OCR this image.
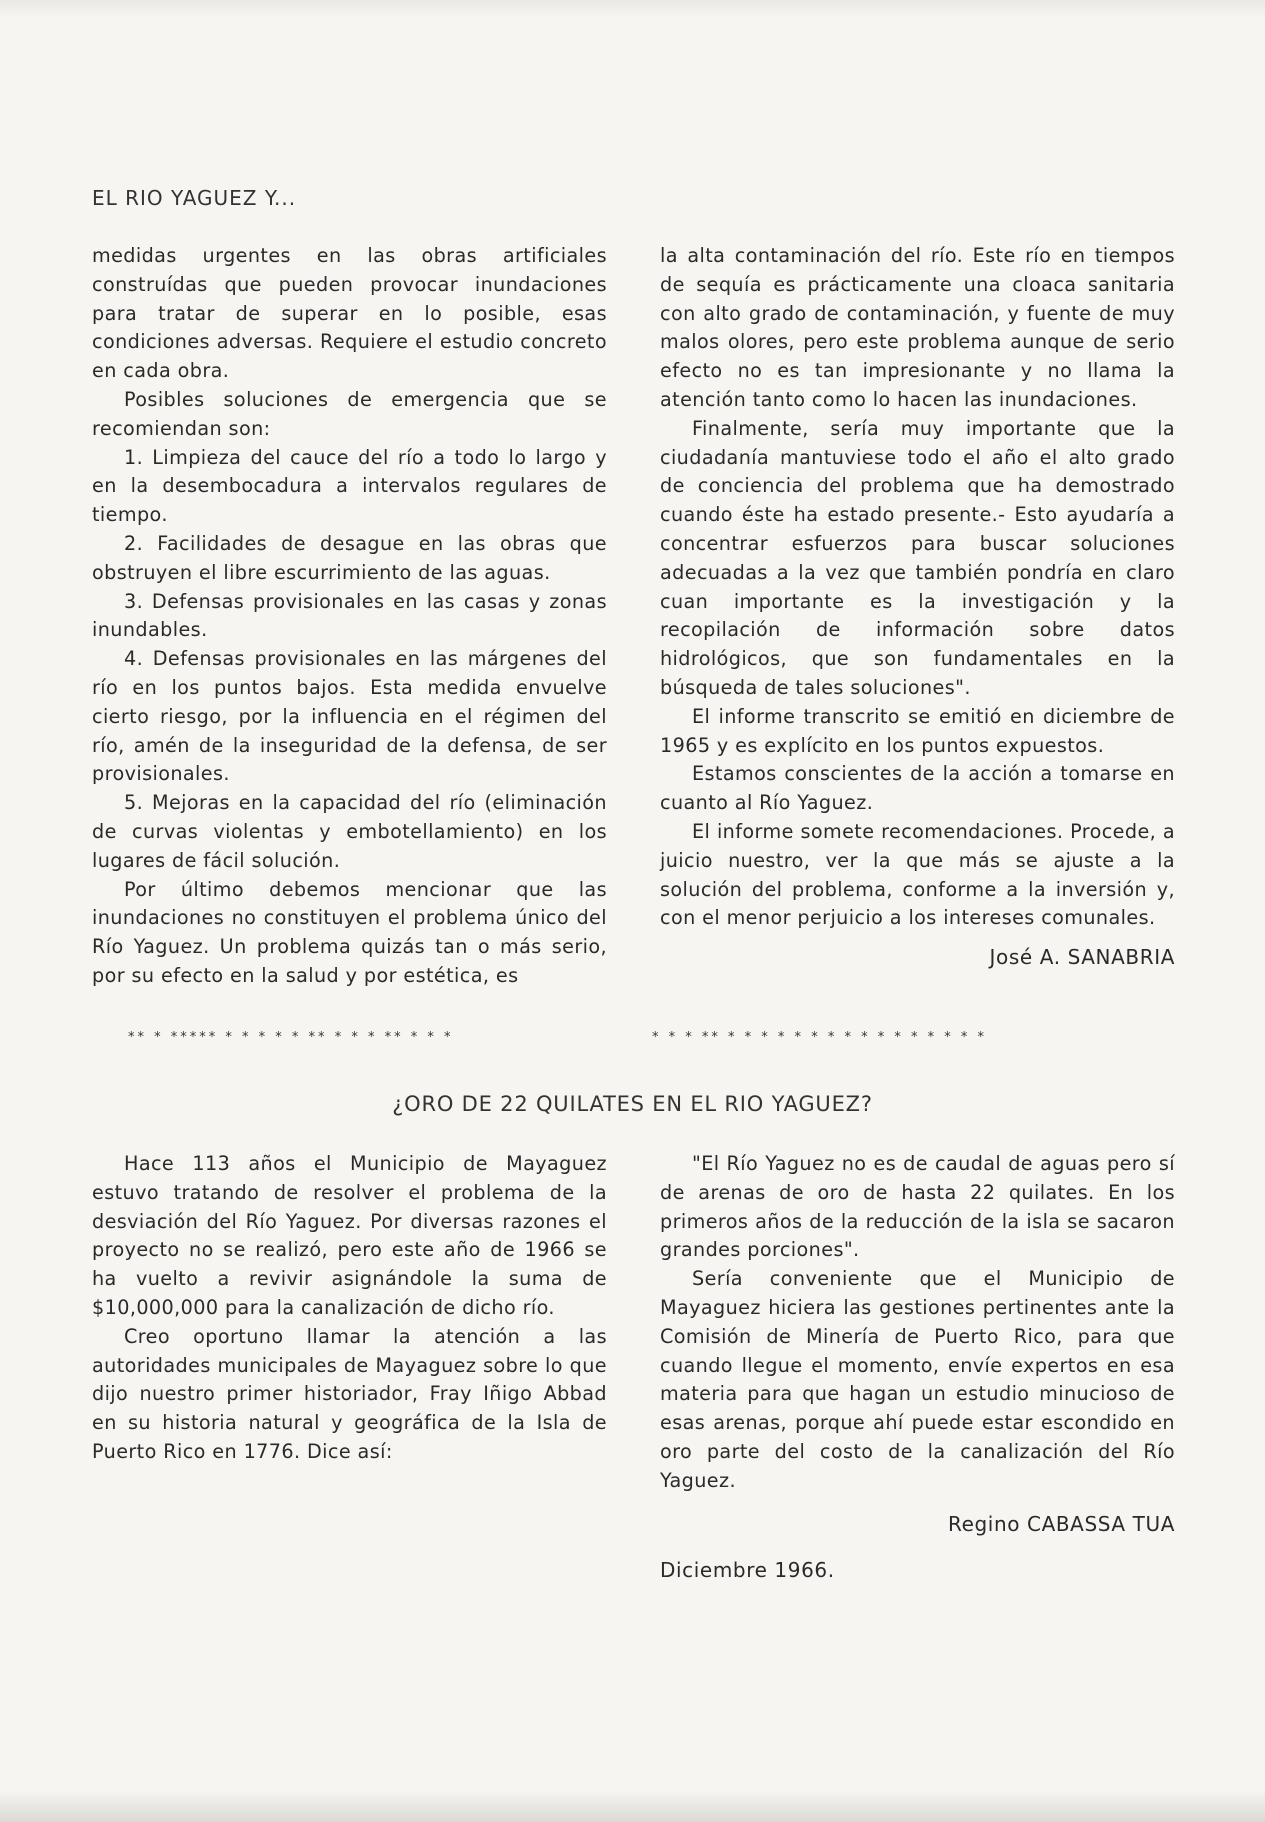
EL RIO YAGUEZ Y...

medidas urgentes en las obras artificiales construídas que pueden provocar inundaciones para tratar de superar en lo posible, esas condiciones adversas. Requiere el estudio concreto en cada obra.

Posibles soluciones de emergencia que se recomiendan son:

1. Limpieza del cauce del río a todo lo largo y en la desembocadura a intervalos regulares de tiempo.

2. Facilidades de desague en las obras que obstruyen el libre escurrimiento de las aguas.

3. Defensas provisionales en las casas y zonas inundables.

4. Defensas provisionales en las márgenes del río en los puntos bajos. Esta medida envuelve cierto riesgo, por la influencia en el régimen del río, amén de la inseguridad de la defensa, de ser provisionales.

5. Mejoras en la capacidad del río (eliminación de curvas violentas y embotellamiento) en los lugares de fácil solución.

Por último debemos mencionar que las inundaciones no constituyen el problema único del Río Yaguez. Un problema quizás tan o más serio, por su efecto en la salud y por estética, es

la alta contaminación del río. Este río en tiempos de sequía es prácticamente una cloaca sanitaria con alto grado de contaminación, y fuente de muy malos olores, pero este problema aunque de serio efecto no es tan impresionante y no llama la atención tanto como lo hacen las inundaciones.

Finalmente, sería muy importante que la ciudadanía mantuviese todo el año el alto grado de conciencia del problema que ha demostrado cuando éste ha estado presente.- Esto ayudaría a concentrar esfuerzos para buscar soluciones adecuadas a la vez que también pondría en claro cuan importante es la investigación y la recopilación de información sobre datos hidrológicos, que son fundamentales en la búsqueda de tales soluciones".

El informe transcrito se emitió en diciembre de 1965 y es explícito en los puntos expuestos.

Estamos conscientes de la acción a tomarse en cuanto al Río Yaguez.

El informe somete recomendaciones. Procede, a juicio nuestro, ver la que más se ajuste a la solución del problema, conforme a la inversión y, con el menor perjuicio a los intereses comunales.

José A. SANABRIA
** * ***** * * * * * ** * * * ** * * *	* * * ** * * * * * * * * * * * * * * * *
¿ORO DE 22 QUILATES EN EL RIO YAGUEZ?

Hace 113 años el Municipio de Mayaguez estuvo tratando de resolver el problema de la desviación del Río Yaguez. Por diversas razones el proyecto no se realizó, pero este año de 1966 se ha vuelto a revivir asignándole la suma de $10,000,000 para la canalización de dicho río.

Creo oportuno llamar la atención a las autoridades municipales de Mayaguez sobre lo que dijo nuestro primer historiador, Fray Iñigo Abbad en su historia natural y geográfica de la Isla de Puerto Rico en 1776. Dice así:

"El Río Yaguez no es de caudal de aguas pero sí de arenas de oro de hasta 22 quilates. En los primeros años de la reducción de la isla se sacaron grandes porciones".

Sería conveniente que el Municipio de Mayaguez hiciera las gestiones pertinentes ante la Comisión de Minería de Puerto Rico, para que cuando llegue el momento, envíe expertos en esa materia para que hagan un estudio minucioso de esas arenas, porque ahí puede estar escondido en oro parte del costo de la canalización del Río Yaguez.

Regino CABASSA TUA
Diciembre 1966.
